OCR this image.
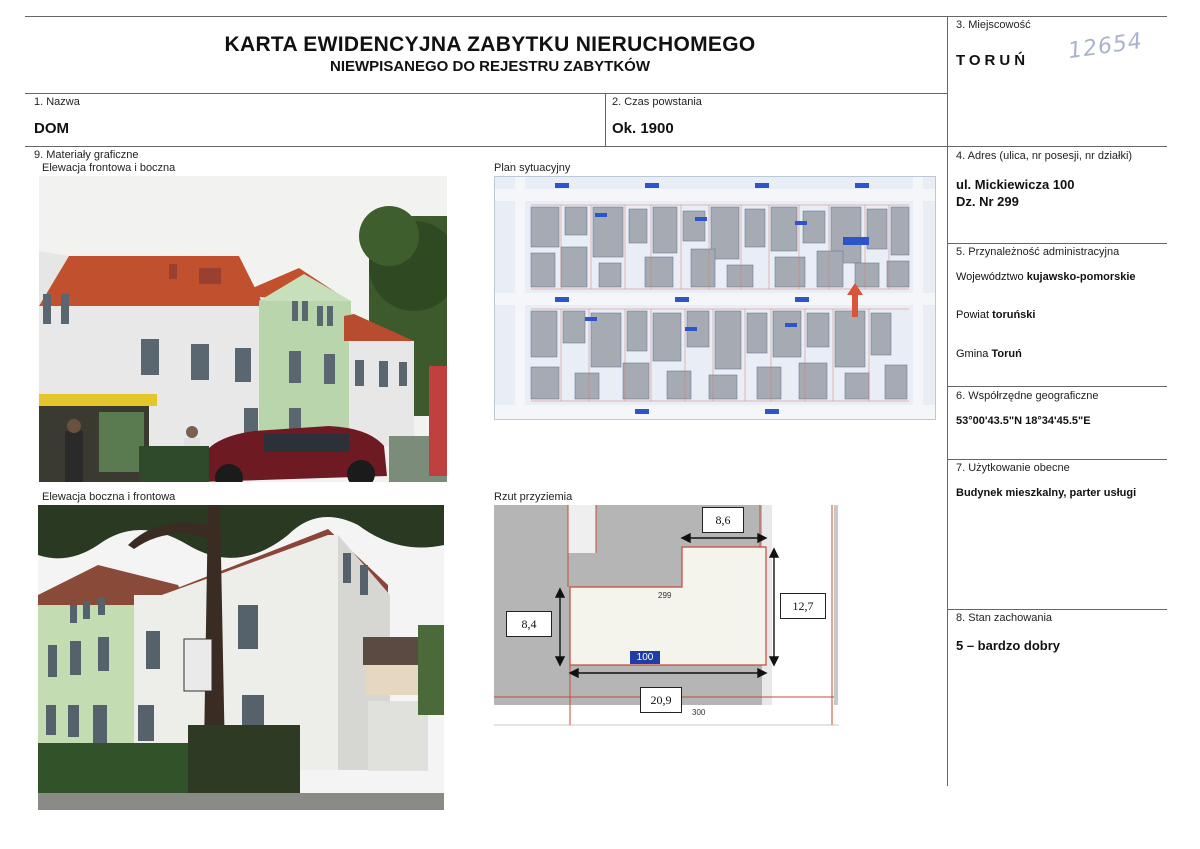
KARTA EWIDENCYJNA ZABYTKU NIERUCHOMEGO
NIEWPISANEGO DO REJESTRU ZABYTKÓW
3. Miejscowość
TORUŃ 12654
1. Nazwa
DOM
2. Czas powstania
Ok. 1900
4. Adres (ulica, nr posesji, nr działki)
ul. Mickiewicza 100
Dz. Nr 299
5. Przynależność administracyjna
Województwo kujawsko-pomorskie
Powiat toruński
Gmina Toruń
6. Współrzędne geograficzne
53°00'43.5"N 18°34'45.5"E
7. Użytkowanie obecne
Budynek mieszkalny, parter usługi
8. Stan zachowania
5 – bardzo dobry
9. Materiały graficzne
Elewacja frontowa i boczna	Plan sytuacyjny
Elewacja boczna i frontowa	Rzut przyziemia
100
299
300
8,6
8,4
12,7
20,9
